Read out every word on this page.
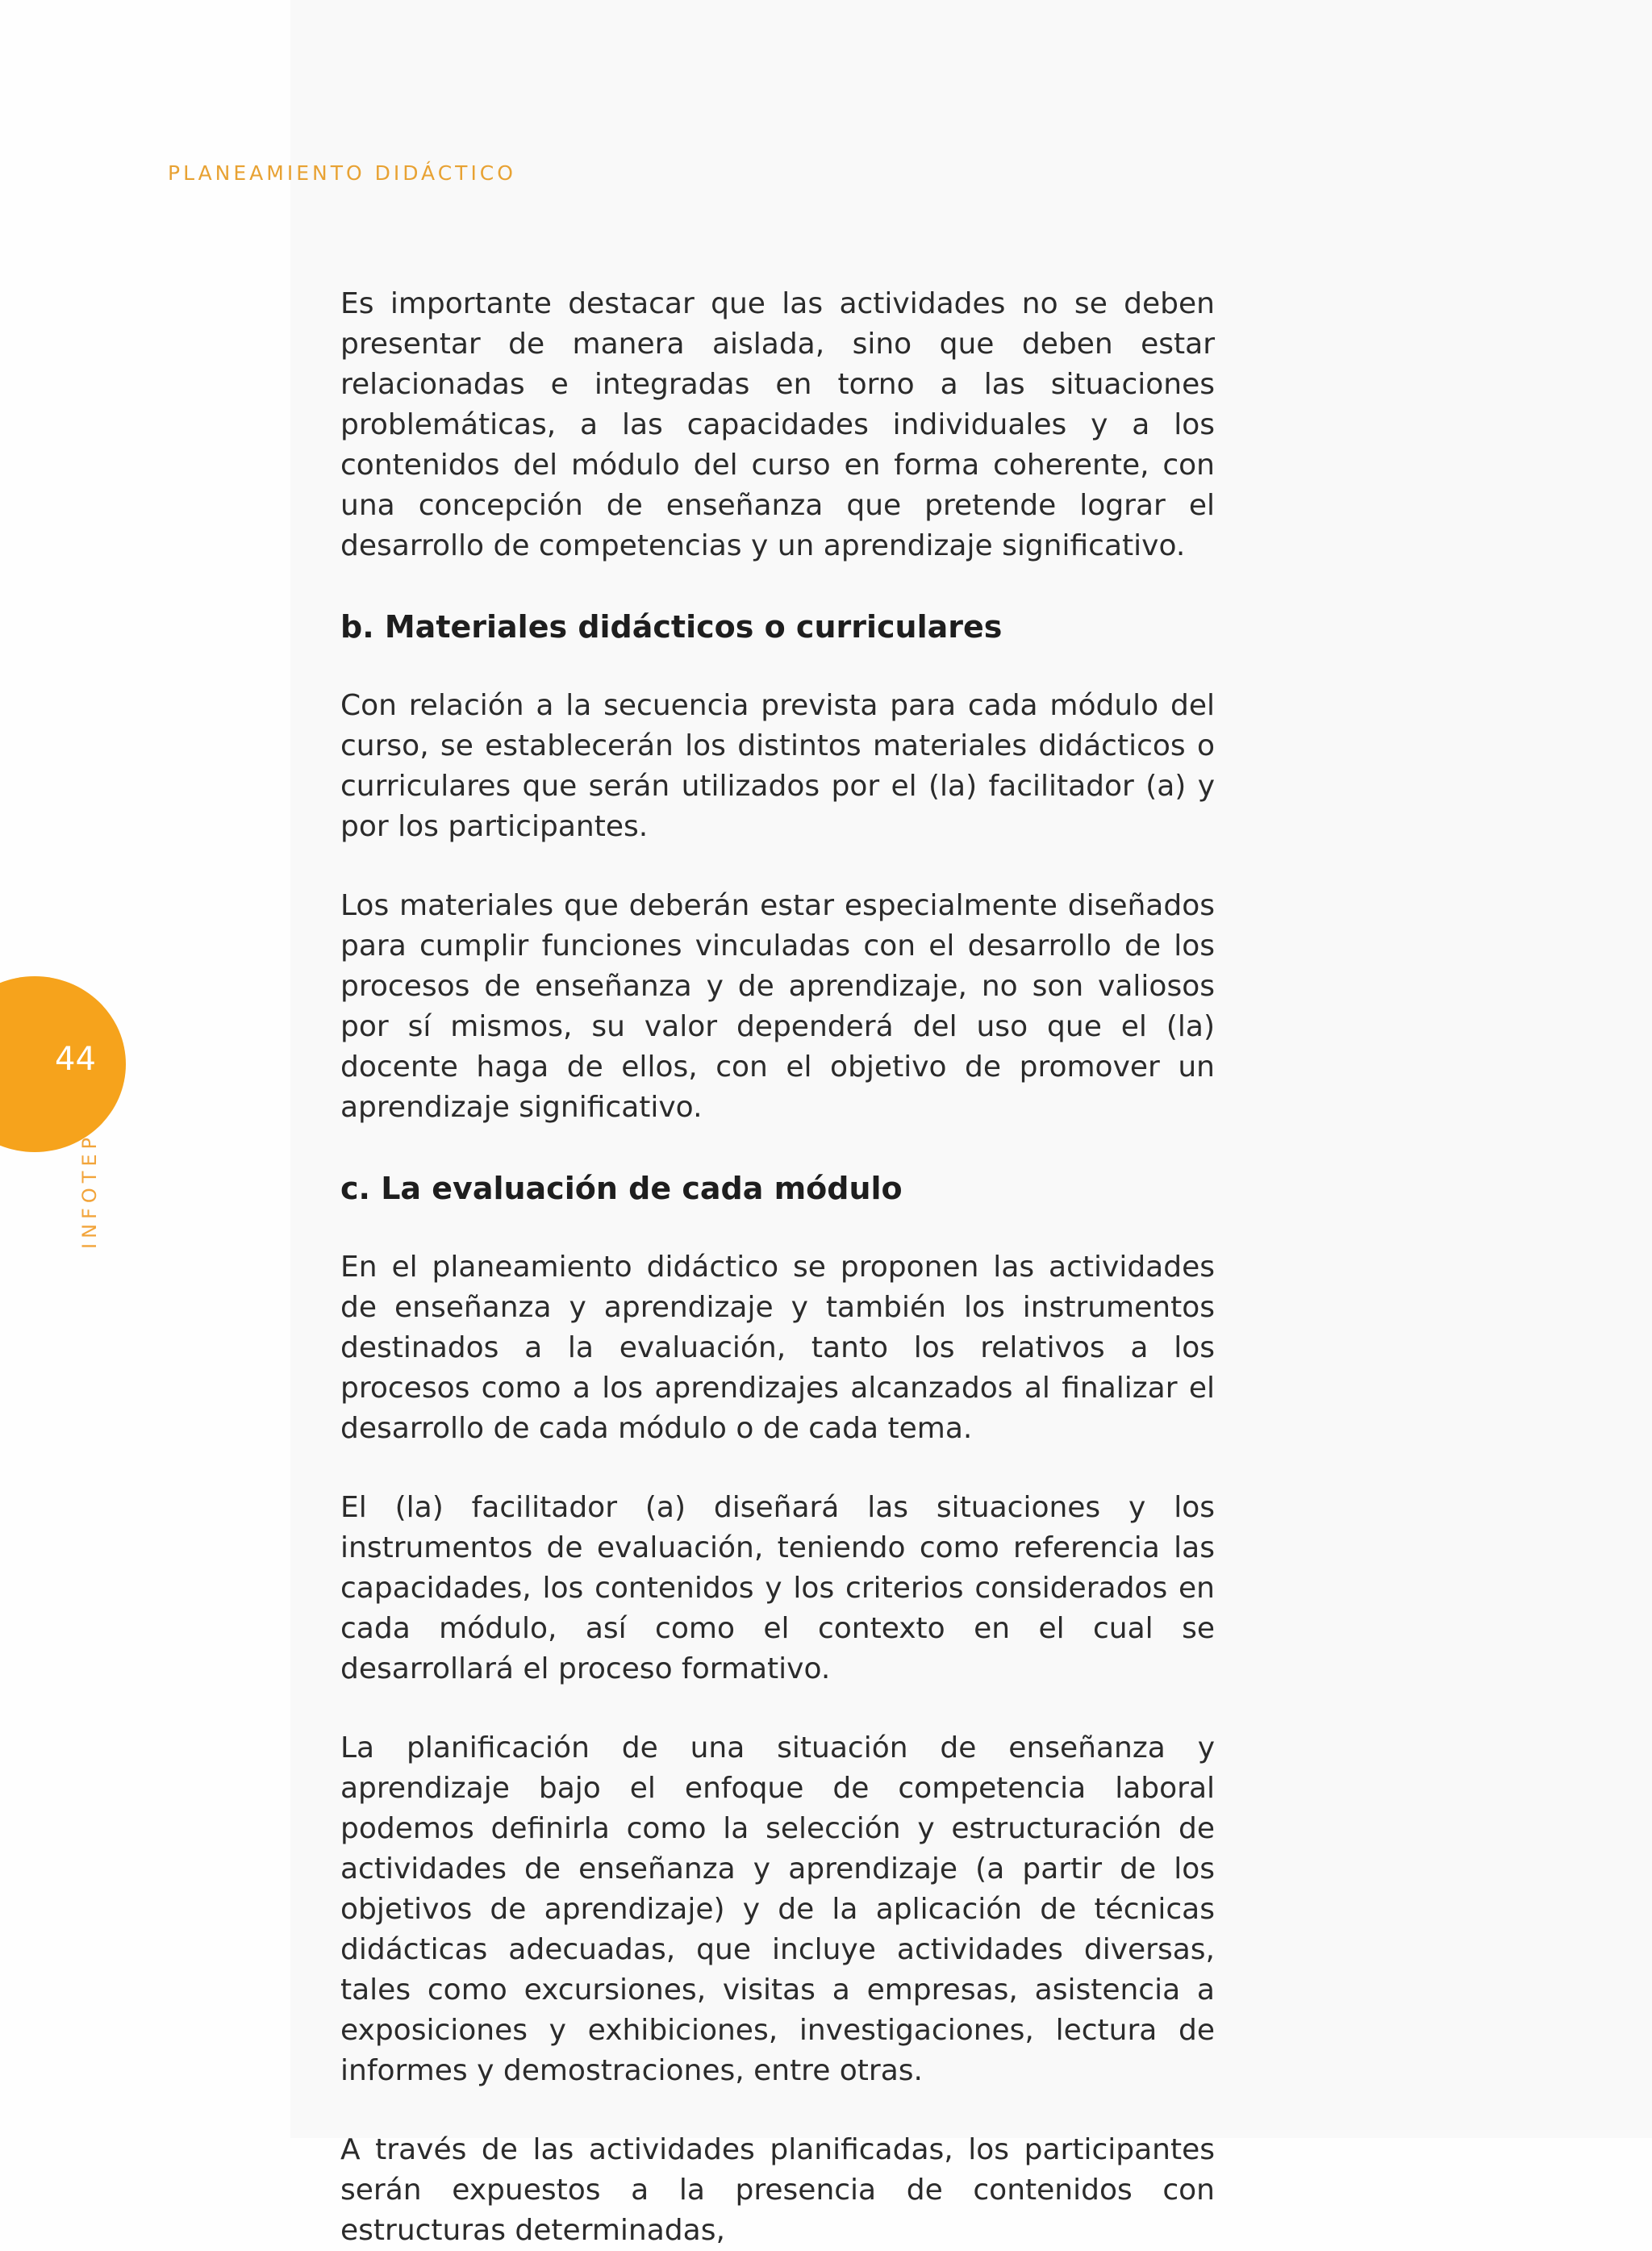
PLANEAMIENTO DIDÁCTICO
44
INFOTEP

Es importante destacar que las actividades no se deben presentar de manera aislada, sino que deben estar relacionadas e integradas en torno a las situaciones problemáticas, a las capacidades individuales y a los contenidos del módulo del curso en forma coherente, con una concepción de enseñanza que pretende lograr el desarrollo de competencias y un aprendizaje significativo.

b. Materiales didácticos o curriculares

Con relación a la secuencia prevista para cada módulo del curso, se establecerán los distintos materiales didácticos o curriculares que serán utilizados por el (la) facilitador (a) y por los participantes.

Los materiales que deberán estar especialmente diseñados para cumplir funciones vinculadas con el desarrollo de los procesos de enseñanza y de aprendizaje, no son valiosos por sí mismos, su valor dependerá del uso que el (la) docente haga de ellos, con el objetivo de promover un aprendizaje significativo.

c. La evaluación de cada módulo

En el planeamiento didáctico se proponen las actividades de enseñanza y aprendizaje y también los instrumentos destinados a la evaluación, tanto los relativos a los procesos como a los aprendizajes alcanzados al finalizar el desarrollo de cada módulo o de cada tema.

El (la) facilitador (a) diseñará las situaciones y los instrumentos de evaluación, teniendo como referencia las capacidades, los contenidos y los criterios considerados en cada módulo, así como el contexto en el cual se desarrollará el proceso formativo.

La planificación de una situación de enseñanza y aprendizaje bajo el enfoque de competencia laboral podemos definirla como la selección y estructuración de actividades de enseñanza y aprendizaje (a partir de los objetivos de aprendizaje) y de la aplicación de técnicas didácticas adecuadas, que incluye actividades diversas, tales como excursiones, visitas a empresas, asistencia a exposiciones y exhibiciones, investigaciones, lectura de informes y demostraciones, entre otras.

A través de las actividades planificadas, los participantes serán expuestos a la presencia de contenidos con estructuras determinadas,
